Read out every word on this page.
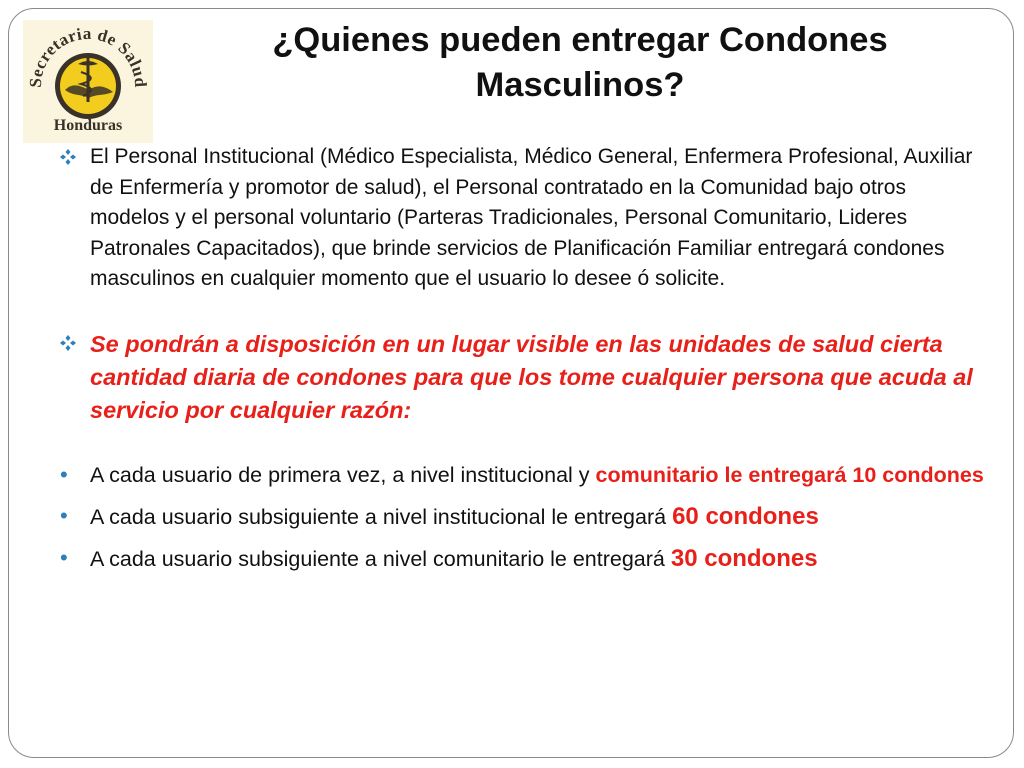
Secretaria de Salud
Honduras
¿Quienes pueden entregar Condones
Masculinos?
El Personal Institucional (Médico Especialista, Médico General, Enfermera Profesional, Auxiliar de Enfermería y promotor de salud), el Personal contratado en la Comunidad bajo otros modelos y el personal voluntario (Parteras Tradicionales, Personal Comunitario, Lideres Patronales Capacitados), que brinde servicios de Planificación Familiar entregará condones masculinos en cualquier momento que el usuario lo desee ó solicite.
Se pondrán a disposición en un lugar visible en las unidades de salud cierta cantidad diaria de condones para que los tome cualquier persona que acuda al servicio por cualquier razón:
• A cada usuario de primera vez, a nivel institucional y comunitario le entregará 10 condones
• A cada usuario subsiguiente a nivel institucional le entregará 60 condones
• A cada usuario subsiguiente a nivel comunitario le entregará 30 condones
